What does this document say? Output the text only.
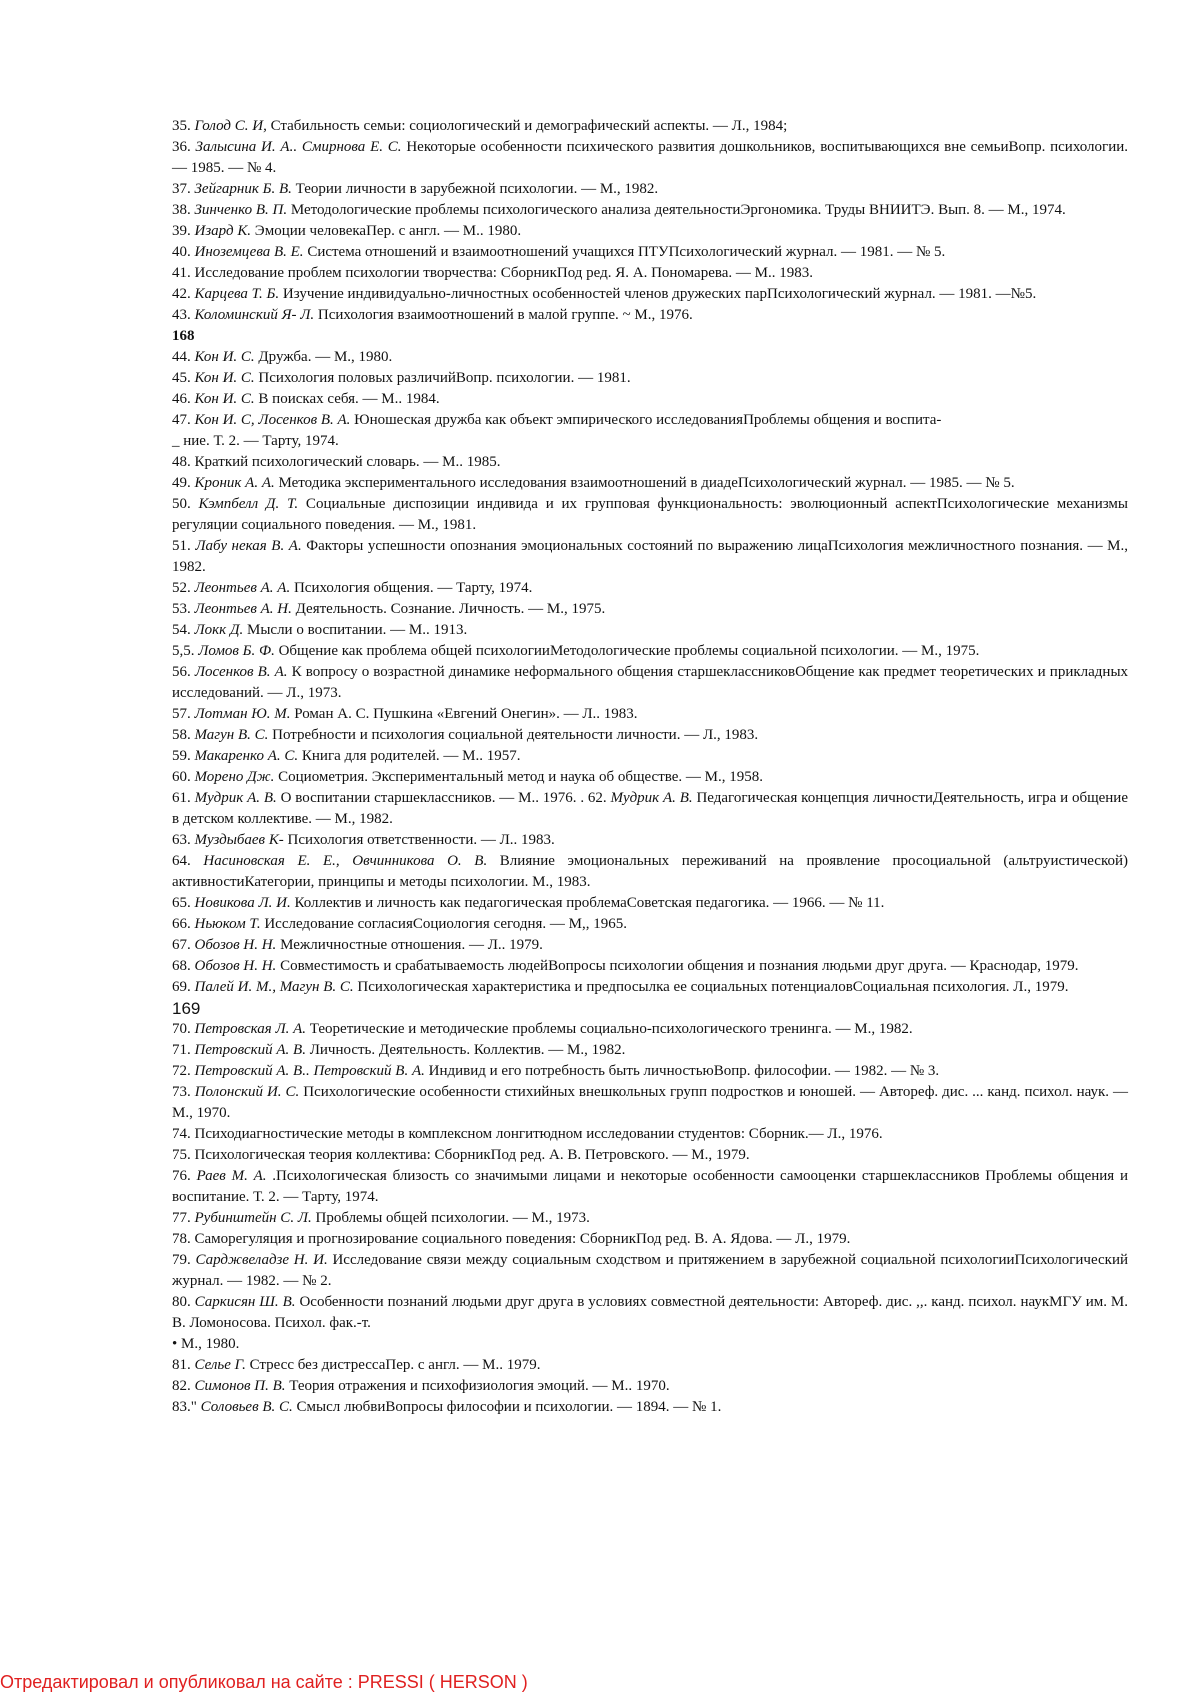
35. Голод С. И, Стабильность семьи: социологический и демографический аспекты. — Л., 1984;

36. Залысина И. А.. Смирнова Е. С. Некоторые особенности психического развития дошкольников, воспитывающихся вне семьиВопр. психологии. — 1985. — № 4.

37. Зейгарник Б. В. Теории личности в зарубежной психологии. — М., 1982.

38. Зинченко В. П. Методологические проблемы психологического анализа деятельностиЭргономика. Труды ВНИИТЭ. Вып. 8. — М., 1974.

39. Изард К. Эмоции человекаПер. с англ. — М.. 1980.

40. Иноземцева В. Е. Система отношений и взаимоотношений учащихся ПТУПсихологический журнал. — 1981. — № 5.

41. Исследование проблем психологии творчества: СборникПод ред. Я. А. Пономарева. — М.. 1983.

42. Карцева Т. Б. Изучение индивидуально-личностных особенностей членов дружеских парПсихологический журнал. — 1981. —№5.

43. Коломинский Я- Л. Психология взаимоотношений в малой группе. ~ М., 1976.

168

44. Кон И. С. Дружба. — М., 1980.

45. Кон И. С. Психология половых различийВопр. психологии. — 1981.

46. Кон И. С. В поисках себя. — М.. 1984.

47. Кон И. С, Лосенков В. А. Юношеская дружба как объект эмпирического исследованияПроблемы общения и воспита-

_ ние. Т. 2. — Тарту, 1974.

48. Краткий психологический словарь. — М.. 1985.

49. Кроник А. А. Методика экспериментального исследования взаимоотношений в диадеПсихологический журнал. — 1985. — № 5.

50. Кэмпбелл Д. Т. Социальные диспозиции индивида и их групповая функциональность: эволюционный аспектПсихологические механизмы регуляции социального поведения. — М., 1981.

51. Лабу некая В. А. Факторы успешности опознания эмоциональных состояний по выражению лицаПсихология межличностного познания. — М., 1982.

52. Леонтьев А. А. Психология общения. — Тарту, 1974.

53. Леонтьев А. Н. Деятельность. Сознание. Личность. — М., 1975.

54. Локк Д. Мысли о воспитании. — М.. 1913.

5,5. Ломов Б. Ф. Общение как проблема общей психологииМетодологические проблемы социальной психологии. — М., 1975.

56. Лосенков В. А. К вопросу о возрастной динамике неформального общения старшеклассниковОбщение как предмет теоретических и прикладных исследований. — Л., 1973.

57. Лотман Ю. М. Роман А. С. Пушкина «Евгений Онегин». — Л.. 1983.

58. Магун В. С. Потребности и психология социальной деятельности личности. — Л., 1983.

59. Макаренко А. С. Книга для родителей. — М.. 1957.

60. Морено Дж. Социометрия. Экспериментальный метод и наука об обществе. — М., 1958.

61. Мудрик А. В. О воспитании старшеклассников. — М.. 1976. . 62. Мудрик А. В. Педагогическая концепция личностиДеятельность, игра и общение в детском коллективе. — М., 1982.

63. Муздыбаев К- Психология ответственности. — Л.. 1983.

64. Насиновская Е. Е., Овчинникова О. В. Влияние эмоциональных переживаний на проявление просоциальной (альтруистической) активностиКатегории, принципы и методы психологии. М., 1983.

65. Новикова Л. И. Коллектив и личность как педагогическая проблемаСоветская педагогика. — 1966. — № 11.

66. Ньюком Т. Исследование согласияСоциология сегодня. — М,, 1965.

67. Обозов Н. Н. Межличностные отношения. — Л.. 1979.

68. Обозов Н. Н. Совместимость и срабатываемость людейВопросы психологии общения и познания людьми друг друга. — Краснодар, 1979.

69. Палей И. М., Магун В. С. Психологическая характеристика и предпосылка ее социальных потенциаловСоциальная психология. Л., 1979.

169

70. Петровская Л. А. Теоретические и методические проблемы социально-психологического тренинга. — М., 1982.

71. Петровский А. В. Личность. Деятельность. Коллектив. — М., 1982.

72. Петровский А. В.. Петровский В. А. Индивид и его потребность быть личностьюВопр. философии. — 1982. — № 3.

73. Полонский И. С. Психологические особенности стихийных внешкольных групп подростков и юношей. — Автореф. дис. ... канд. психол. наук. — М., 1970.

74. Психодиагностические методы в комплексном лонгитюдном исследовании студентов: Сборник.— Л., 1976.

75. Психологическая теория коллектива: СборникПод ред. А. В. Петровского. — М., 1979.

76. Раев М. А. .Психологическая близость со значимыми лицами и некоторые особенности самооценки старшеклассников Проблемы общения и воспитание. Т. 2. — Тарту, 1974.

77. Рубинштейн С. Л. Проблемы общей психологии. — М., 1973.

78. Саморегуляция и прогнозирование социального поведения: СборникПод ред. В. А. Ядова. — Л., 1979.

79. Сарджвеладзе Н. И. Исследование связи между социальным сходством и притяжением в зарубежной социальной психологииПсихологический журнал. — 1982. — № 2.

80. Саркисян Ш. В. Особенности познаний людьми друг друга в условиях совместной деятельности: Автореф. дис. ,,. канд. психол. наукМГУ им. М. В. Ломоносова. Психол. фак.-т.

• М., 1980.

81. Селье Г. Стресс без дистрессаПер. с англ. — М.. 1979.

82. Симонов П. В. Теория отражения и психофизиология эмоций. — М.. 1970.

83." Соловьев В. С. Смысл любвиВопросы философии и психологии. — 1894. — № 1.

Отредактировал и опубликовал на сайте : PRESSI ( HERSON )
